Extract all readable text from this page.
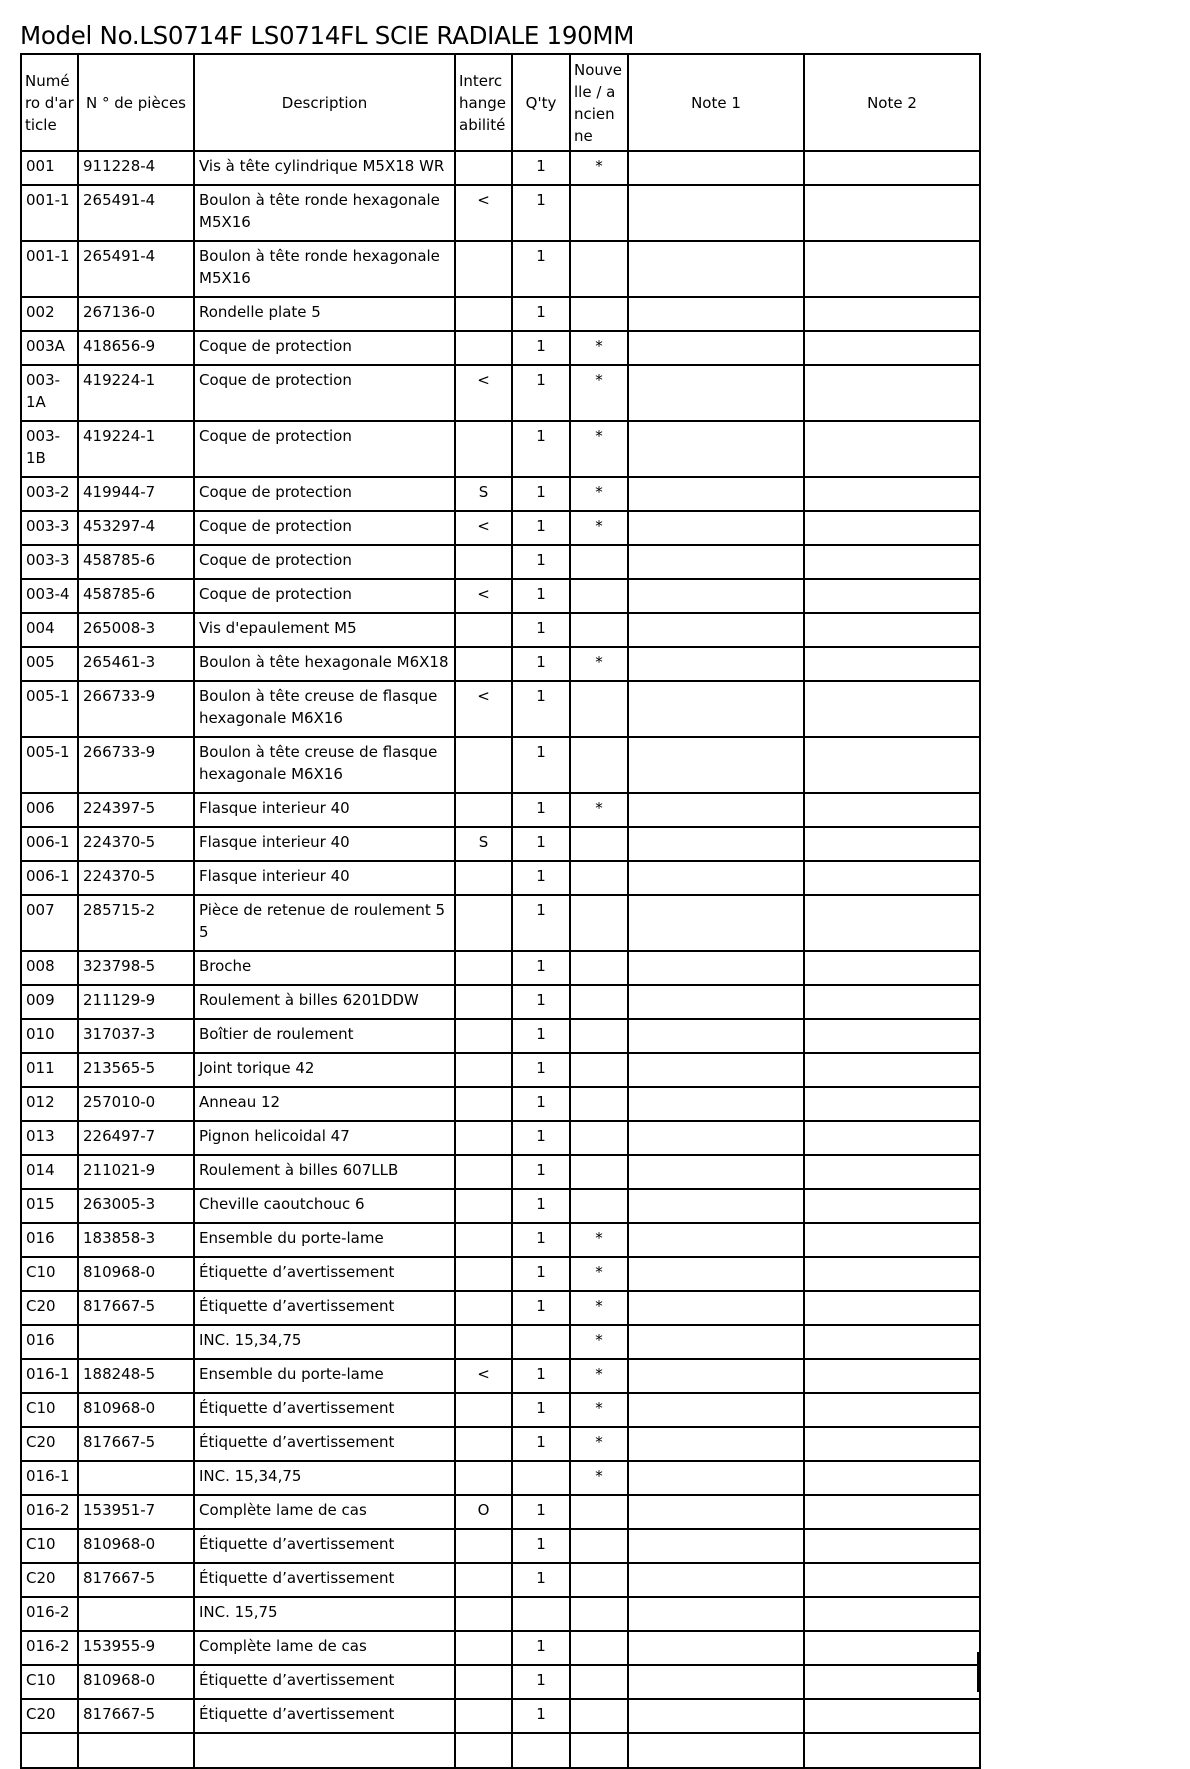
Model No.LS0714F LS0714FL SCIE RADIALE 190MM
Numéro d'article	N ° de pièces	Description	Interchangeabilité	Q'ty	Nouvelle / ancienne	Note 1	Note 2
001	911228-4	Vis à tête cylindrique M5X18 WR		1	*		
001-1	265491-4	Boulon à tête ronde hexagonale M5X16	<	1			
001-1	265491-4	Boulon à tête ronde hexagonale M5X16		1			
002	267136-0	Rondelle plate 5		1			
003A	418656-9	Coque de protection		1	*		
003-1A	419224-1	Coque de protection	<	1	*		
003-1B	419224-1	Coque de protection		1	*		
003-2	419944-7	Coque de protection	S	1	*		
003-3	453297-4	Coque de protection	<	1	*		
003-3	458785-6	Coque de protection		1			
003-4	458785-6	Coque de protection	<	1			
004	265008-3	Vis d'epaulement M5		1			
005	265461-3	Boulon à tête hexagonale M6X18		1	*		
005-1	266733-9	Boulon à tête creuse de flasque hexagonale M6X16	<	1			
005-1	266733-9	Boulon à tête creuse de flasque hexagonale M6X16		1			
006	224397-5	Flasque interieur 40		1	*		
006-1	224370-5	Flasque interieur 40	S	1			
006-1	224370-5	Flasque interieur 40		1			
007	285715-2	Pièce de retenue de roulement 5 5		1			
008	323798-5	Broche		1			
009	211129-9	Roulement à billes 6201DDW		1			
010	317037-3	Boîtier de roulement		1			
011	213565-5	Joint torique 42		1			
012	257010-0	Anneau 12		1			
013	226497-7	Pignon helicoidal 47		1			
014	211021-9	Roulement à billes 607LLB		1			
015	263005-3	Cheville caoutchouc 6		1			
016	183858-3	Ensemble du porte-lame		1	*		
C10	810968-0	Étiquette d’avertissement		1	*		
C20	817667-5	Étiquette d’avertissement		1	*		
016		INC. 15,34,75			*		
016-1	188248-5	Ensemble du porte-lame	<	1	*		
C10	810968-0	Étiquette d’avertissement		1	*		
C20	817667-5	Étiquette d’avertissement		1	*		
016-1		INC. 15,34,75			*		
016-2	153951-7	Complète lame de cas	O	1			
C10	810968-0	Étiquette d’avertissement		1			
C20	817667-5	Étiquette d’avertissement		1			
016-2		INC. 15,75					
016-2	153955-9	Complète lame de cas		1			
C10	810968-0	Étiquette d’avertissement		1			
C20	817667-5	Étiquette d’avertissement		1			
